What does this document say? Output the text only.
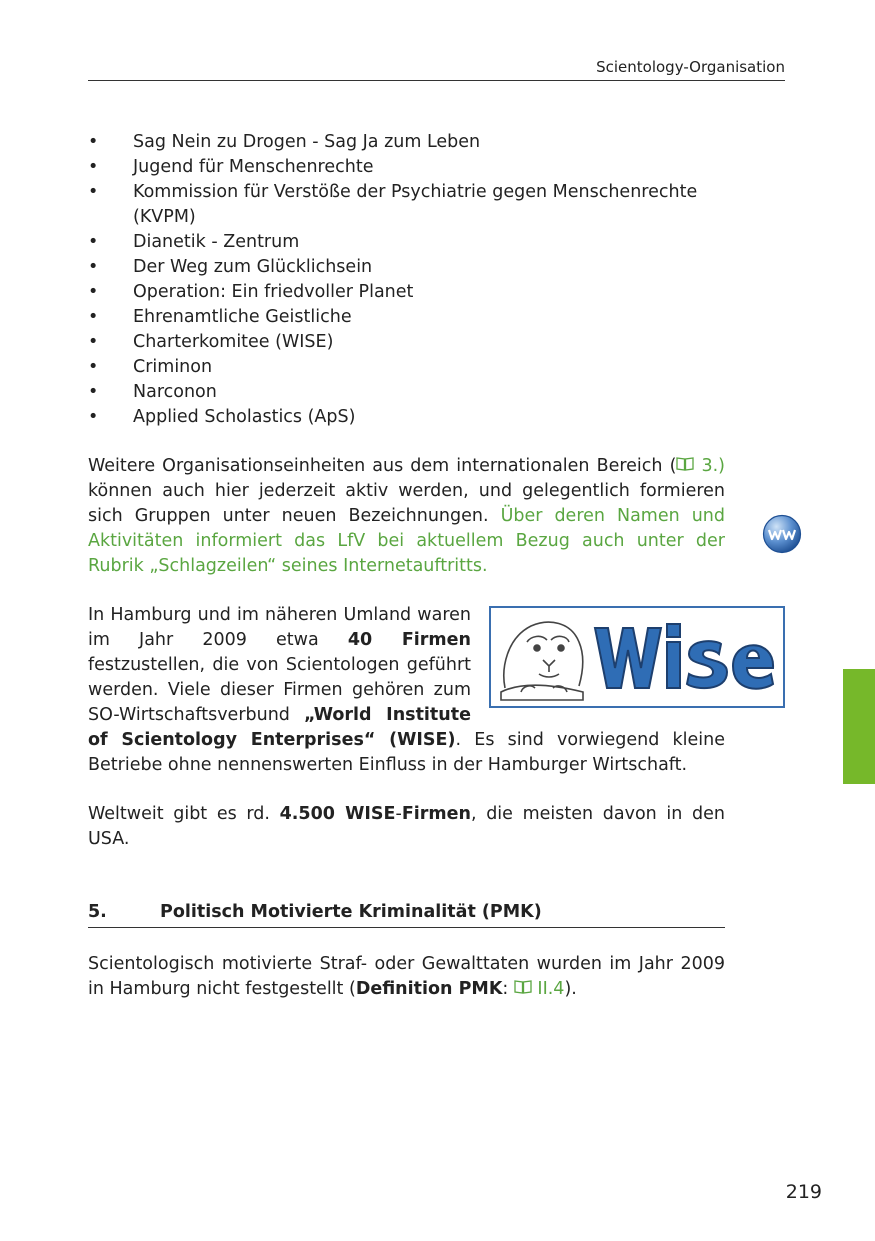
Scientology-Organisation
• Sag Nein zu Drogen - Sag Ja zum Leben
• Jugend für Menschenrechte
• Kommission für Verstöße der Psychiatrie gegen Menschenrechte (KVPM)
• Dianetik - Zentrum
• Der Weg zum Glücklichsein
• Operation: Ein friedvoller Planet
• Ehrenamtliche Geistliche
• Charterkomitee (WISE)
• Criminon
• Narconon
• Applied Scholastics (ApS)

Weitere Organisationseinheiten aus dem internationalen Bereich ( 3.) können auch hier jederzeit aktiv werden, und gelegentlich formieren sich Gruppen unter neuen Bezeichnungen. Über deren Namen und Aktivitäten informiert das LfV bei aktuellem Bezug auch unter der Rubrik „Schlagzeilen“ seines Internetauftritts.

In Hamburg und im näheren Umland waren im Jahr 2009 etwa 40 Firmen festzustellen, die von Scientologen geführt werden. Viele dieser Firmen gehören zum SO-Wirtschaftsverbund „World Institute of Scientology Enterprises“ (WISE). Es sind vorwiegend kleine Betriebe ohne nennenswerten Einfluss in der Hamburger Wirtschaft.

Weltweit gibt es rd. 4.500 WISE-Firmen, die meisten davon in den USA.

5.	Politisch Motivierte Kriminalität (PMK)

Scientologisch motivierte Straf- oder Gewalttaten wurden im Jahr 2009 in Hamburg nicht festgestellt (Definition PMK:  II.4).

219
